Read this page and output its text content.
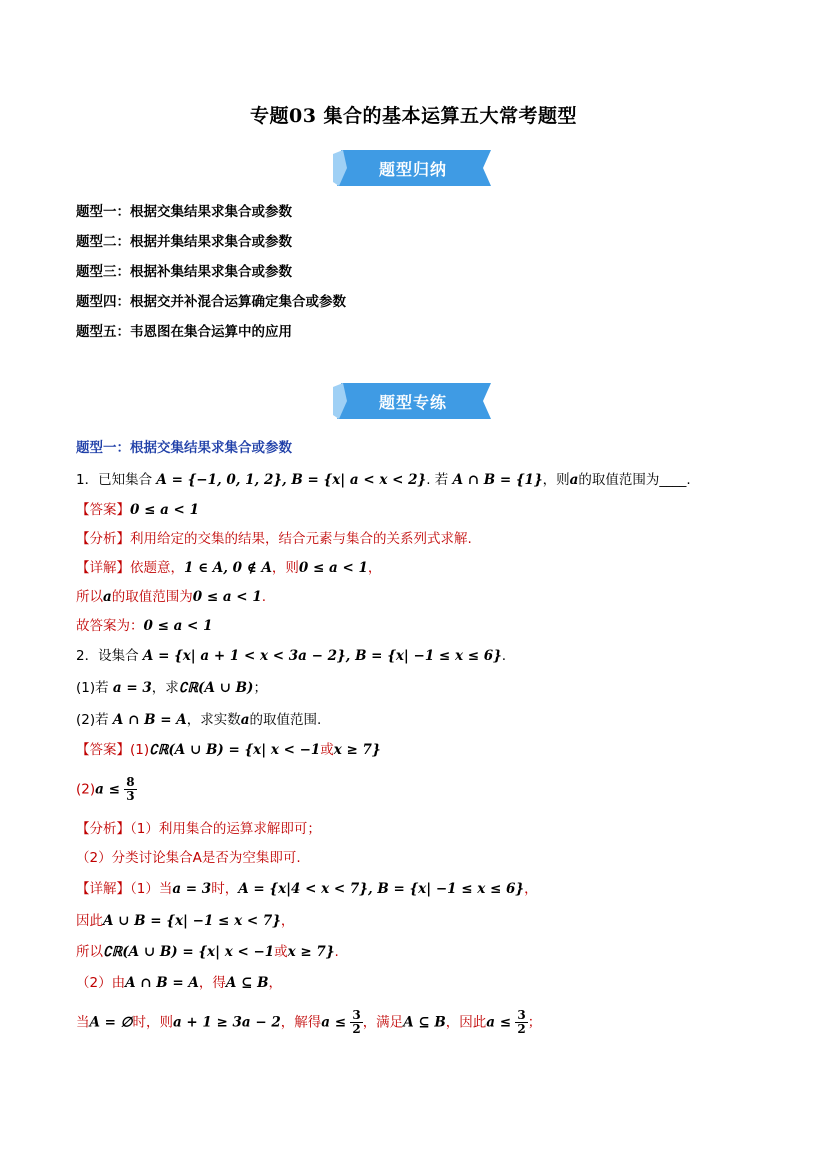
专题03 集合的基本运算五大常考题型
题型归纳
题型一：根据交集结果求集合或参数
题型二：根据并集结果求集合或参数
题型三：根据补集结果求集合或参数
题型四：根据交并补混合运算确定集合或参数
题型五：韦恩图在集合运算中的应用
题型专练
题型一：根据交集结果求集合或参数
1．已知集合 A = {−1, 0, 1, 2}, B = {x| a < x < 2}. 若 A ∩ B = {1}，则a的取值范围为____.
【答案】0 ≤ a < 1
【分析】利用给定的交集的结果，结合元素与集合的关系列式求解.
【详解】依题意，1 ∈ A, 0 ∉ A，则0 ≤ a < 1，
所以a的取值范围为0 ≤ a < 1.
故答案为：0 ≤ a < 1
2．设集合 A = {x| a + 1 < x < 3a − 2}, B = {x| −1 ≤ x ≤ 6}.
(1)若 a = 3，求∁ℝ(A ∪ B)；
(2)若 A ∩ B = A，求实数a的取值范围.
【答案】(1)∁ℝ(A ∪ B) = {x| x < −1或x ≥ 7}
$(2)a \le \frac{8}{3}$
【分析】（1）利用集合的运算求解即可；
（2）分类讨论集合A是否为空集即可.
【详解】（1）当a = 3时，A = {x|4 < x < 7}, B = {x| −1 ≤ x ≤ 6}，
因此A ∪ B = {x| −1 ≤ x < 7}，
所以∁ℝ(A ∪ B) = {x| x < −1或x ≥ 7}.
（2）由A ∩ B = A，得A ⊆ B，
当A = ∅时，则a + 1 ≥ 3a − 2，解得$a \le \frac{3}{2}$ ，满足A ⊆ B，因此$a \le \frac{3}{2}$ ；
